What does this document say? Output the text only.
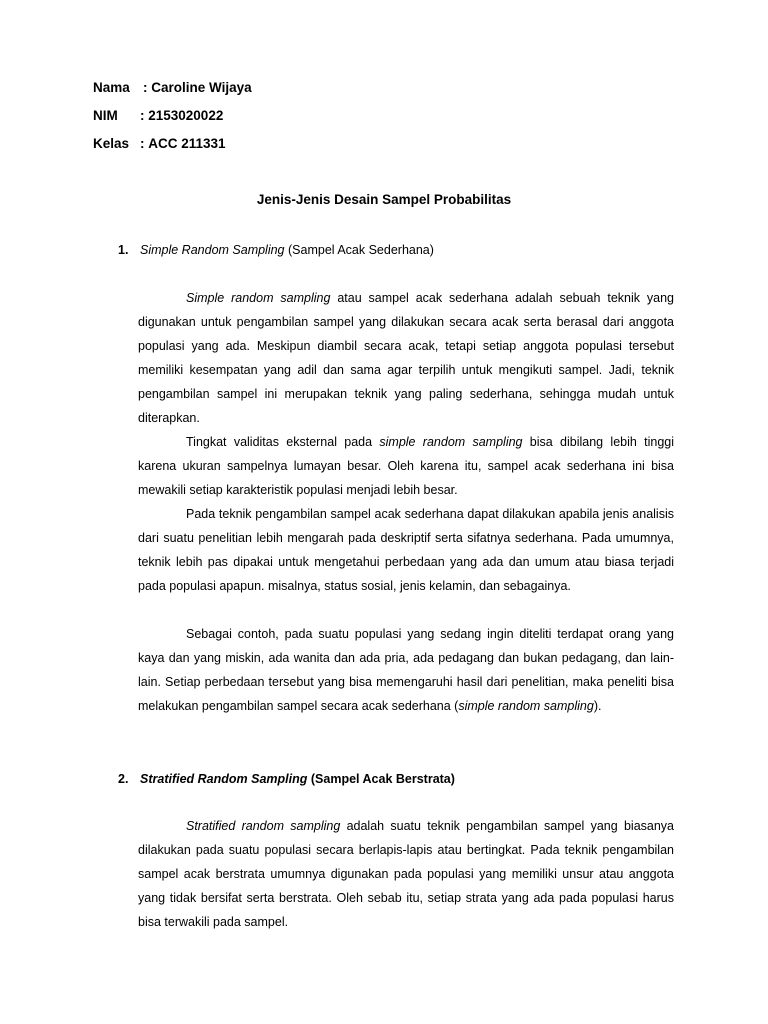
Nama : Caroline Wijaya
NIM : 2153020022
Kelas : ACC 211331
Jenis-Jenis Desain Sampel Probabilitas
1. Simple Random Sampling (Sampel Acak Sederhana)

Simple random sampling atau sampel acak sederhana adalah sebuah teknik yang digunakan untuk pengambilan sampel yang dilakukan secara acak serta berasal dari anggota populasi yang ada. Meskipun diambil secara acak, tetapi setiap anggota populasi tersebut memiliki kesempatan yang adil dan sama agar terpilih untuk mengikuti sampel. Jadi, teknik pengambilan sampel ini merupakan teknik yang paling sederhana, sehingga mudah untuk diterapkan.

Tingkat validitas eksternal pada simple random sampling bisa dibilang lebih tinggi karena ukuran sampelnya lumayan besar. Oleh karena itu, sampel acak sederhana ini bisa mewakili setiap karakteristik populasi menjadi lebih besar.

Pada teknik pengambilan sampel acak sederhana dapat dilakukan apabila jenis analisis dari suatu penelitian lebih mengarah pada deskriptif serta sifatnya sederhana. Pada umumnya, teknik lebih pas dipakai untuk mengetahui perbedaan yang ada dan umum atau biasa terjadi pada populasi apapun. misalnya, status sosial, jenis kelamin, dan sebagainya.

Sebagai contoh, pada suatu populasi yang sedang ingin diteliti terdapat orang yang kaya dan yang miskin, ada wanita dan ada pria, ada pedagang dan bukan pedagang, dan lain-lain. Setiap perbedaan tersebut yang bisa memengaruhi hasil dari penelitian, maka peneliti bisa melakukan pengambilan sampel secara acak sederhana (simple random sampling).

2. Stratified Random Sampling (Sampel Acak Berstrata)

Stratified random sampling adalah suatu teknik pengambilan sampel yang biasanya dilakukan pada suatu populasi secara berlapis-lapis atau bertingkat. Pada teknik pengambilan sampel acak berstrata umumnya digunakan pada populasi yang memiliki unsur atau anggota yang tidak bersifat serta berstrata. Oleh sebab itu, setiap strata yang ada pada populasi harus bisa terwakili pada sampel.
